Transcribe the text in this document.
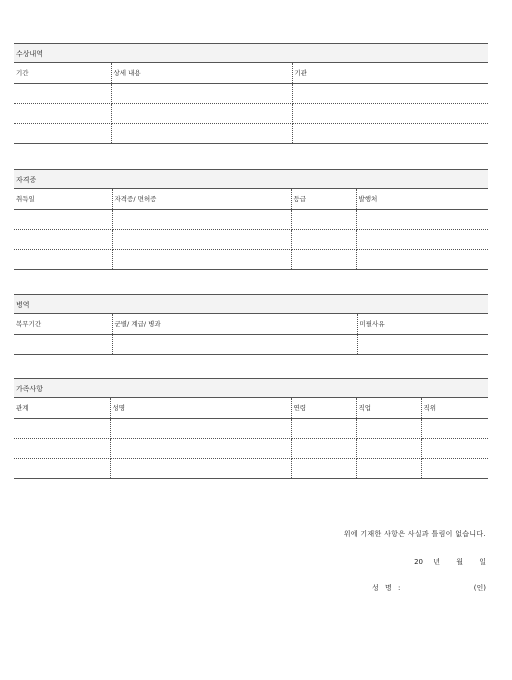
수상내역
기간	상세 내용	기관

자격증
취득일	자격증/ 면허증	등급	발행처

병역
복무기간	군별/ 계급/ 병과	미필사유

가족사항
관계	성명	연령	직업	직위

위에 기재한 사항은 사실과 틀림이 없습니다.
20 년 월 일
성 명 :	(인)
